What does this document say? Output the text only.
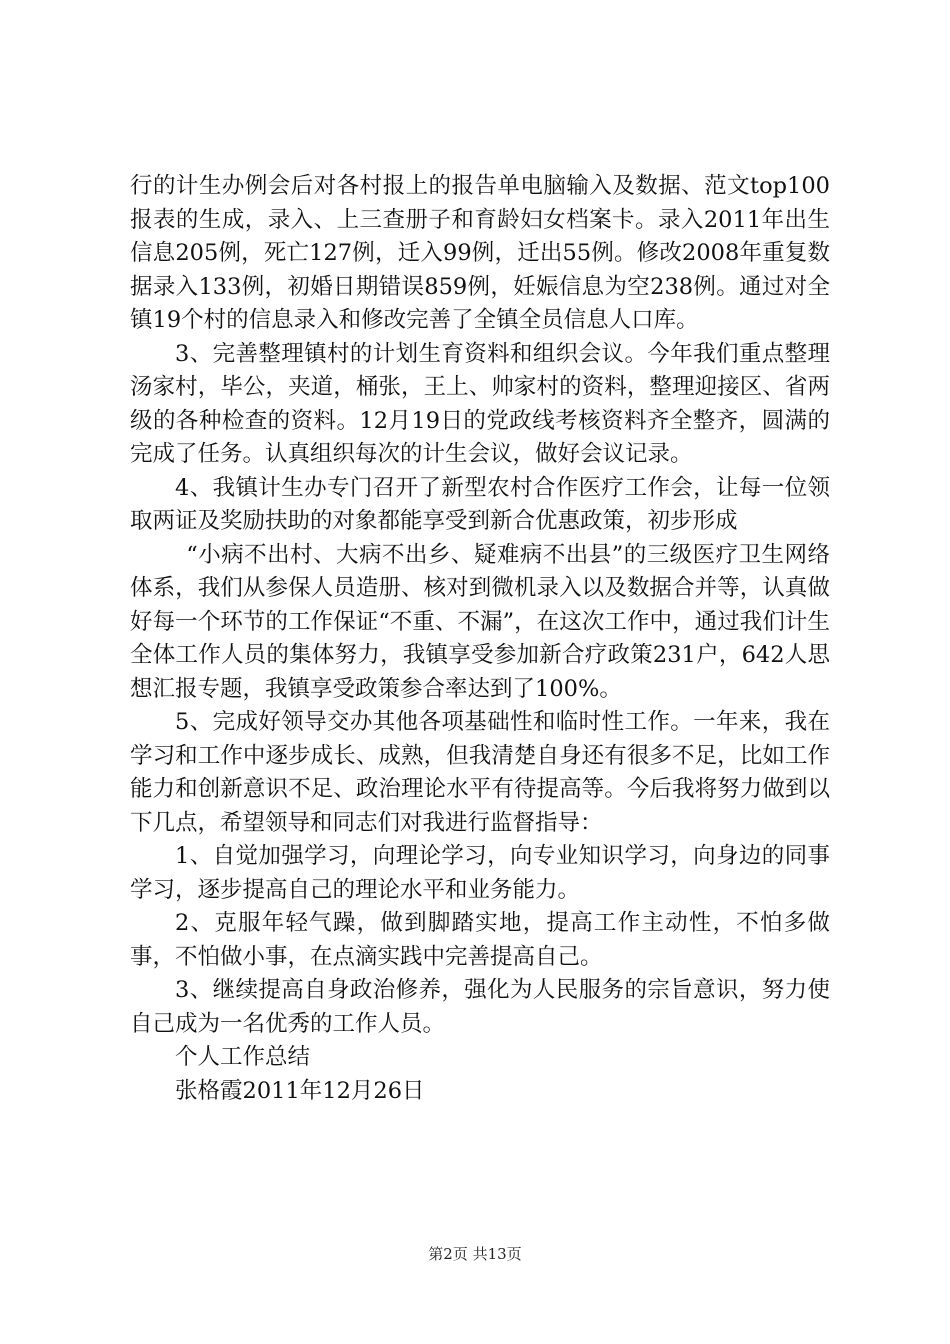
行的计生办例会后对各村报上的报告单电脑输入及数据、范文top100报表的生成，录入、上三查册子和育龄妇女档案卡。录入2011年出生信息205例，死亡127例，迁入99例，迁出55例。修改2008年重复数据录入133例，初婚日期错误859例，妊娠信息为空238例。通过对全镇19个村的信息录入和修改完善了全镇全员信息人口库。

3、完善整理镇村的计划生育资料和组织会议。今年我们重点整理汤家村，毕公，夹道，桶张，王上、帅家村的资料，整理迎接区、省两级的各种检查的资料。12月19日的党政线考核资料齐全整齐，圆满的完成了任务。认真组织每次的计生会议，做好会议记录。

4、我镇计生办专门召开了新型农村合作医疗工作会，让每一位领取两证及奖励扶助的对象都能享受到新合优惠政策，初步形成

“小病不出村、大病不出乡、疑难病不出县”的三级医疗卫生网络体系，我们从参保人员造册、核对到微机录入以及数据合并等，认真做好每一个环节的工作保证“不重、不漏”，在这次工作中，通过我们计生全体工作人员的集体努力，我镇享受参加新合疗政策231户，642人思想汇报专题，我镇享受政策参合率达到了100%。

5、完成好领导交办其他各项基础性和临时性工作。一年来，我在学习和工作中逐步成长、成熟，但我清楚自身还有很多不足，比如工作能力和创新意识不足、政治理论水平有待提高等。今后我将努力做到以下几点，希望领导和同志们对我进行监督指导：

1、自觉加强学习，向理论学习，向专业知识学习，向身边的同事学习，逐步提高自己的理论水平和业务能力。

2、克服年轻气躁，做到脚踏实地，提高工作主动性，不怕多做事，不怕做小事，在点滴实践中完善提高自己。

3、继续提高自身政治修养，强化为人民服务的宗旨意识，努力使自己成为一名优秀的工作人员。

个人工作总结

张格霞2011年12月26日

第2页 共13页
